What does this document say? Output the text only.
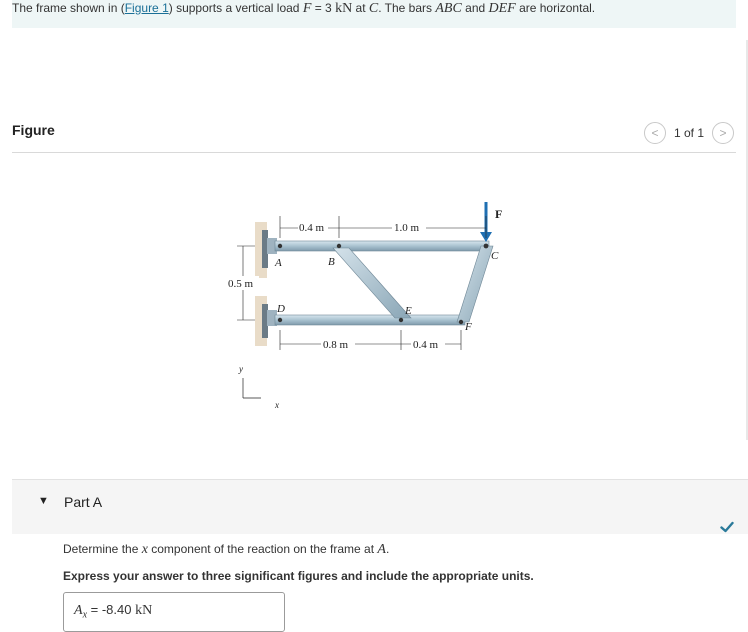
The frame shown in (Figure 1) supports a vertical load F = 3 kN at C. The bars ABC and DEF are horizontal.
Figure	< 1 of 1 >
0.4 m	1.0 m
0.8 m	0.4 m
0.5 m
A	B	C
D	E
F
F
y
x
▼ Part A
Determine the x component of the reaction on the frame at A.
Express your answer to three significant figures and include the appropriate units.
$A_x = -8.40$ kN
